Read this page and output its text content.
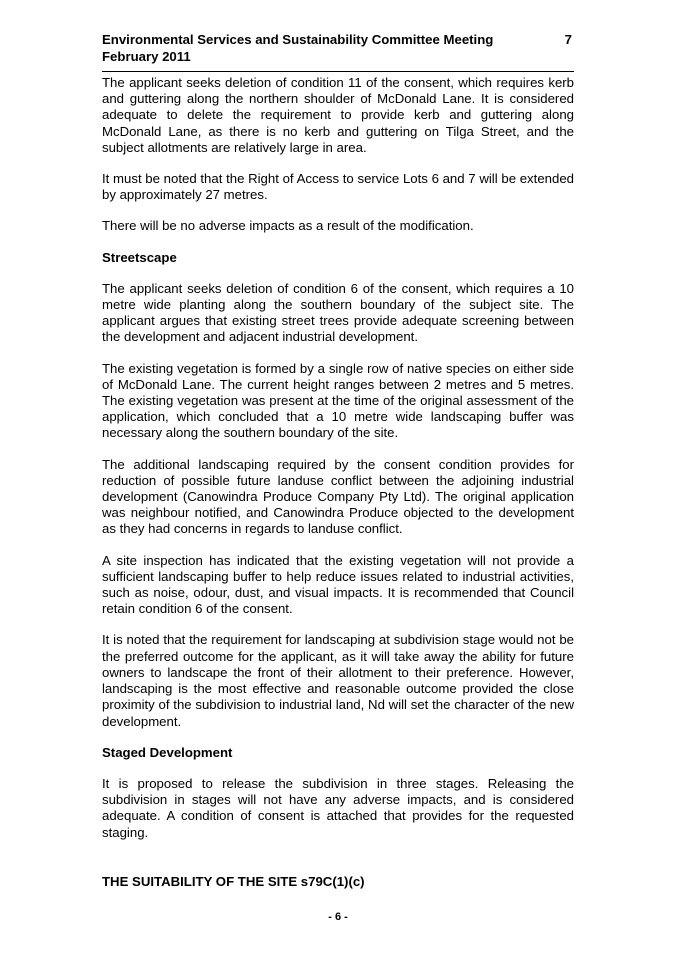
Environmental Services and Sustainability Committee Meeting February 2011
7

The applicant seeks deletion of condition 11 of the consent, which requires kerb and guttering along the northern shoulder of McDonald Lane. It is considered adequate to delete the requirement to provide kerb and guttering along McDonald Lane, as there is no kerb and guttering on Tilga Street, and the subject allotments are relatively large in area.

It must be noted that the Right of Access to service Lots 6 and 7 will be extended by approximately 27 metres.

There will be no adverse impacts as a result of the modification.

Streetscape

The applicant seeks deletion of condition 6 of the consent, which requires a 10 metre wide planting along the southern boundary of the subject site. The applicant argues that existing street trees provide adequate screening between the development and adjacent industrial development.

The existing vegetation is formed by a single row of native species on either side of McDonald Lane. The current height ranges between 2 metres and 5 metres. The existing vegetation was present at the time of the original assessment of the application, which concluded that a 10 metre wide landscaping buffer was necessary along the southern boundary of the site.

The additional landscaping required by the consent condition provides for reduction of possible future landuse conflict between the adjoining industrial development (Canowindra Produce Company Pty Ltd). The original application was neighbour notified, and Canowindra Produce objected to the development as they had concerns in regards to landuse conflict.

A site inspection has indicated that the existing vegetation will not provide a sufficient landscaping buffer to help reduce issues related to industrial activities, such as noise, odour, dust, and visual impacts. It is recommended that Council retain condition 6 of the consent.

It is noted that the requirement for landscaping at subdivision stage would not be the preferred outcome for the applicant, as it will take away the ability for future owners to landscape the front of their allotment to their preference. However, landscaping is the most effective and reasonable outcome provided the close proximity of the subdivision to industrial land, Nd will set the character of the new development.

Staged Development

It is proposed to release the subdivision in three stages. Releasing the subdivision in stages will not have any adverse impacts, and is considered adequate. A condition of consent is attached that provides for the requested staging.

THE SUITABILITY OF THE SITE s79C(1)(c)
- 6 -
